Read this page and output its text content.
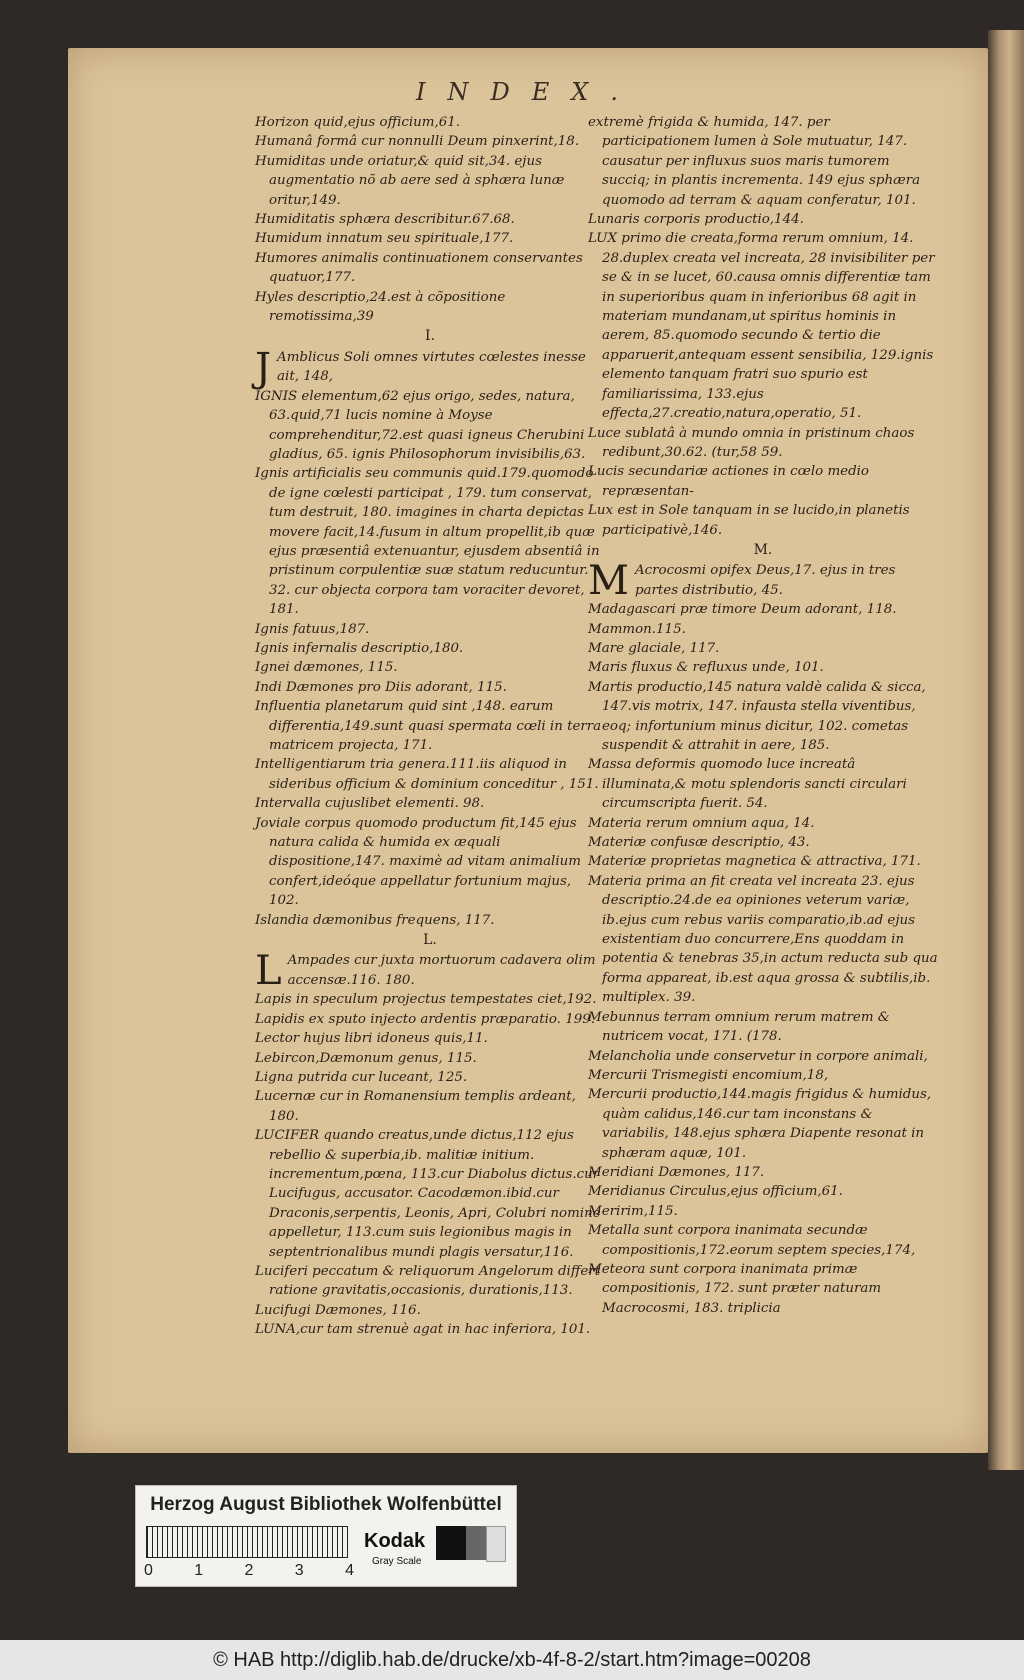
INDEX.

Horizon quid,ejus officium,61.

Humanâ formâ cur nonnulli Deum pinxerint,18.

Humiditas unde oriatur,& quid sit,34. ejus augmentatio nõ ab aere sed à sphæra lunæ oritur,149.

Humiditatis sphæra describitur.67.68.

Humidum innatum seu spirituale,177.

Humores animalis continuationem conservantes quatuor,177.

Hyles descriptio,24.est à cõpositione remotissima,39

I.

J Amblicus Soli omnes virtutes cœlestes inesse ait, 148,

IGNIS elementum,62 ejus origo, sedes, natura, 63.quid,71 lucis nomine à Moyse comprehenditur,72.est quasi igneus Cherubini gladius, 65. ignis Philosophorum invisibilis,63.

Ignis artificialis seu communis quid.179.quomodo de igne cœlesti participat , 179. tum conservat, tum destruit, 180. imagines in charta depictas movere facit,14.fusum in altum propellit,ib quæ ejus præsentiâ extenuantur, ejusdem absentiâ in pristinum corpulentiæ suæ statum reducuntur. 32. cur objecta corpora tam voraciter devoret, 181.

Ignis fatuus,187.

Ignis infernalis descriptio,180.

Ignei dæmones, 115.

Indi Dæmones pro Diis adorant, 115.

Influentia planetarum quid sint ,148. earum differentia,149.sunt quasi spermata cœli in terra matricem projecta, 171.

Intelligentiarum tria genera.111.iis aliquod in sideribus officium & dominium conceditur , 151.

Intervalla cujuslibet elementi. 98.

Joviale corpus quomodo productum fit,145 ejus natura calida & humida ex æquali dispositione,147. maximè ad vitam animalium confert,ideóque appellatur fortunium majus, 102.

Islandia dæmonibus frequens, 117.

L.

L Ampades cur juxta mortuorum cadavera olim accensæ.116. 180.

Lapis in speculum projectus tempestates ciet,192.

Lapidis ex sputo injecto ardentis præparatio. 199.

Lector hujus libri idoneus quis,11.

Lebircon,Dæmonum genus, 115.

Ligna putrida cur luceant, 125.

Lucernæ cur in Romanensium templis ardeant, 180.

LUCIFER quando creatus,unde dictus,112 ejus rebellio & superbia,ib. malitiæ initium. incrementum,pœna, 113.cur Diabolus dictus.cur Lucifugus, accusator. Cacodæmon.ibid.cur Draconis,serpentis, Leonis, Apri, Colubri nomine appelletur, 113.cum suis legionibus magis in septentrionalibus mundi plagis versatur,116.

Luciferi peccatum & reliquorum Angelorum differt ratione gravitatis,occasionis, durationis,113.

Lucifugi Dæmones, 116.

LUNA,cur tam strenuè agat in hac inferiora, 101.

extremè frigida & humida, 147. per participationem lumen à Sole mutuatur, 147. causatur per influxus suos maris tumorem succiq; in plantis incrementa. 149 ejus sphæra quomodo ad terram & aquam conferatur, 101.

Lunaris corporis productio,144.

LUX primo die creata,forma rerum omnium, 14. 28.duplex creata vel increata, 28 invisibiliter per se & in se lucet, 60.causa omnis differentiæ tam in superioribus quam in inferioribus 68 agit in materiam mundanam,ut spiritus hominis in aerem, 85.quomodo secundo & tertio die apparuerit,antequam essent sensibilia, 129.ignis elemento tanquam fratri suo spurio est familiarissima, 133.ejus effecta,27.creatio,natura,operatio, 51.

Luce sublatâ à mundo omnia in pristinum chaos redibunt,30.62. (tur,58 59.

Lucis secundariæ actiones in cœlo medio repræsentan-

Lux est in Sole tanquam in se lucido,in planetis participativè,146.

M.

M Acrocosmi opifex Deus,17. ejus in tres partes distributio, 45.

Madagascari præ timore Deum adorant, 118.

Mammon.115.

Mare glaciale, 117.

Maris fluxus & refluxus unde, 101.

Martis productio,145 natura valdè calida & sicca, 147.vis motrix, 147. infausta stella viventibus, eoq; infortunium minus dicitur, 102. cometas suspendit & attrahit in aere, 185.

Massa deformis quomodo luce increatâ illuminata,& motu splendoris sancti circulari circumscripta fuerit. 54.

Materia rerum omnium aqua, 14.

Materiæ confusæ descriptio, 43.

Materiæ proprietas magnetica & attractiva, 171.

Materia prima an fit creata vel increata 23. ejus descriptio.24.de ea opiniones veterum variæ, ib.ejus cum rebus variis comparatio,ib.ad ejus existentiam duo concurrere,Ens quoddam in potentia & tenebras 35,in actum reducta sub qua forma appareat, ib.est aqua grossa & subtilis,ib. multiplex. 39.

Mebunnus terram omnium rerum matrem & nutricem vocat, 171. (178.

Melancholia unde conservetur in corpore animali,

Mercurii Trismegisti encomium,18,

Mercurii productio,144.magis frigidus & humidus, quàm calidus,146.cur tam inconstans & variabilis, 148.ejus sphæra Diapente resonat in sphæram aquæ, 101.

Meridiani Dæmones, 117.

Meridianus Circulus,ejus officium,61.

Meririm,115.

Metalla sunt corpora inanimata secundæ compositionis,172.eorum septem species,174,

Meteora sunt corpora inanimata primæ compositionis, 172. sunt præter naturam Macrocosmi, 183. triplicia

Herzog August Bibliothek Wolfenbüttel
0	1	2	3	4
Kodak
Gray Scale
© HAB http://diglib.hab.de/drucke/xb-4f-8-2/start.htm?image=00208
